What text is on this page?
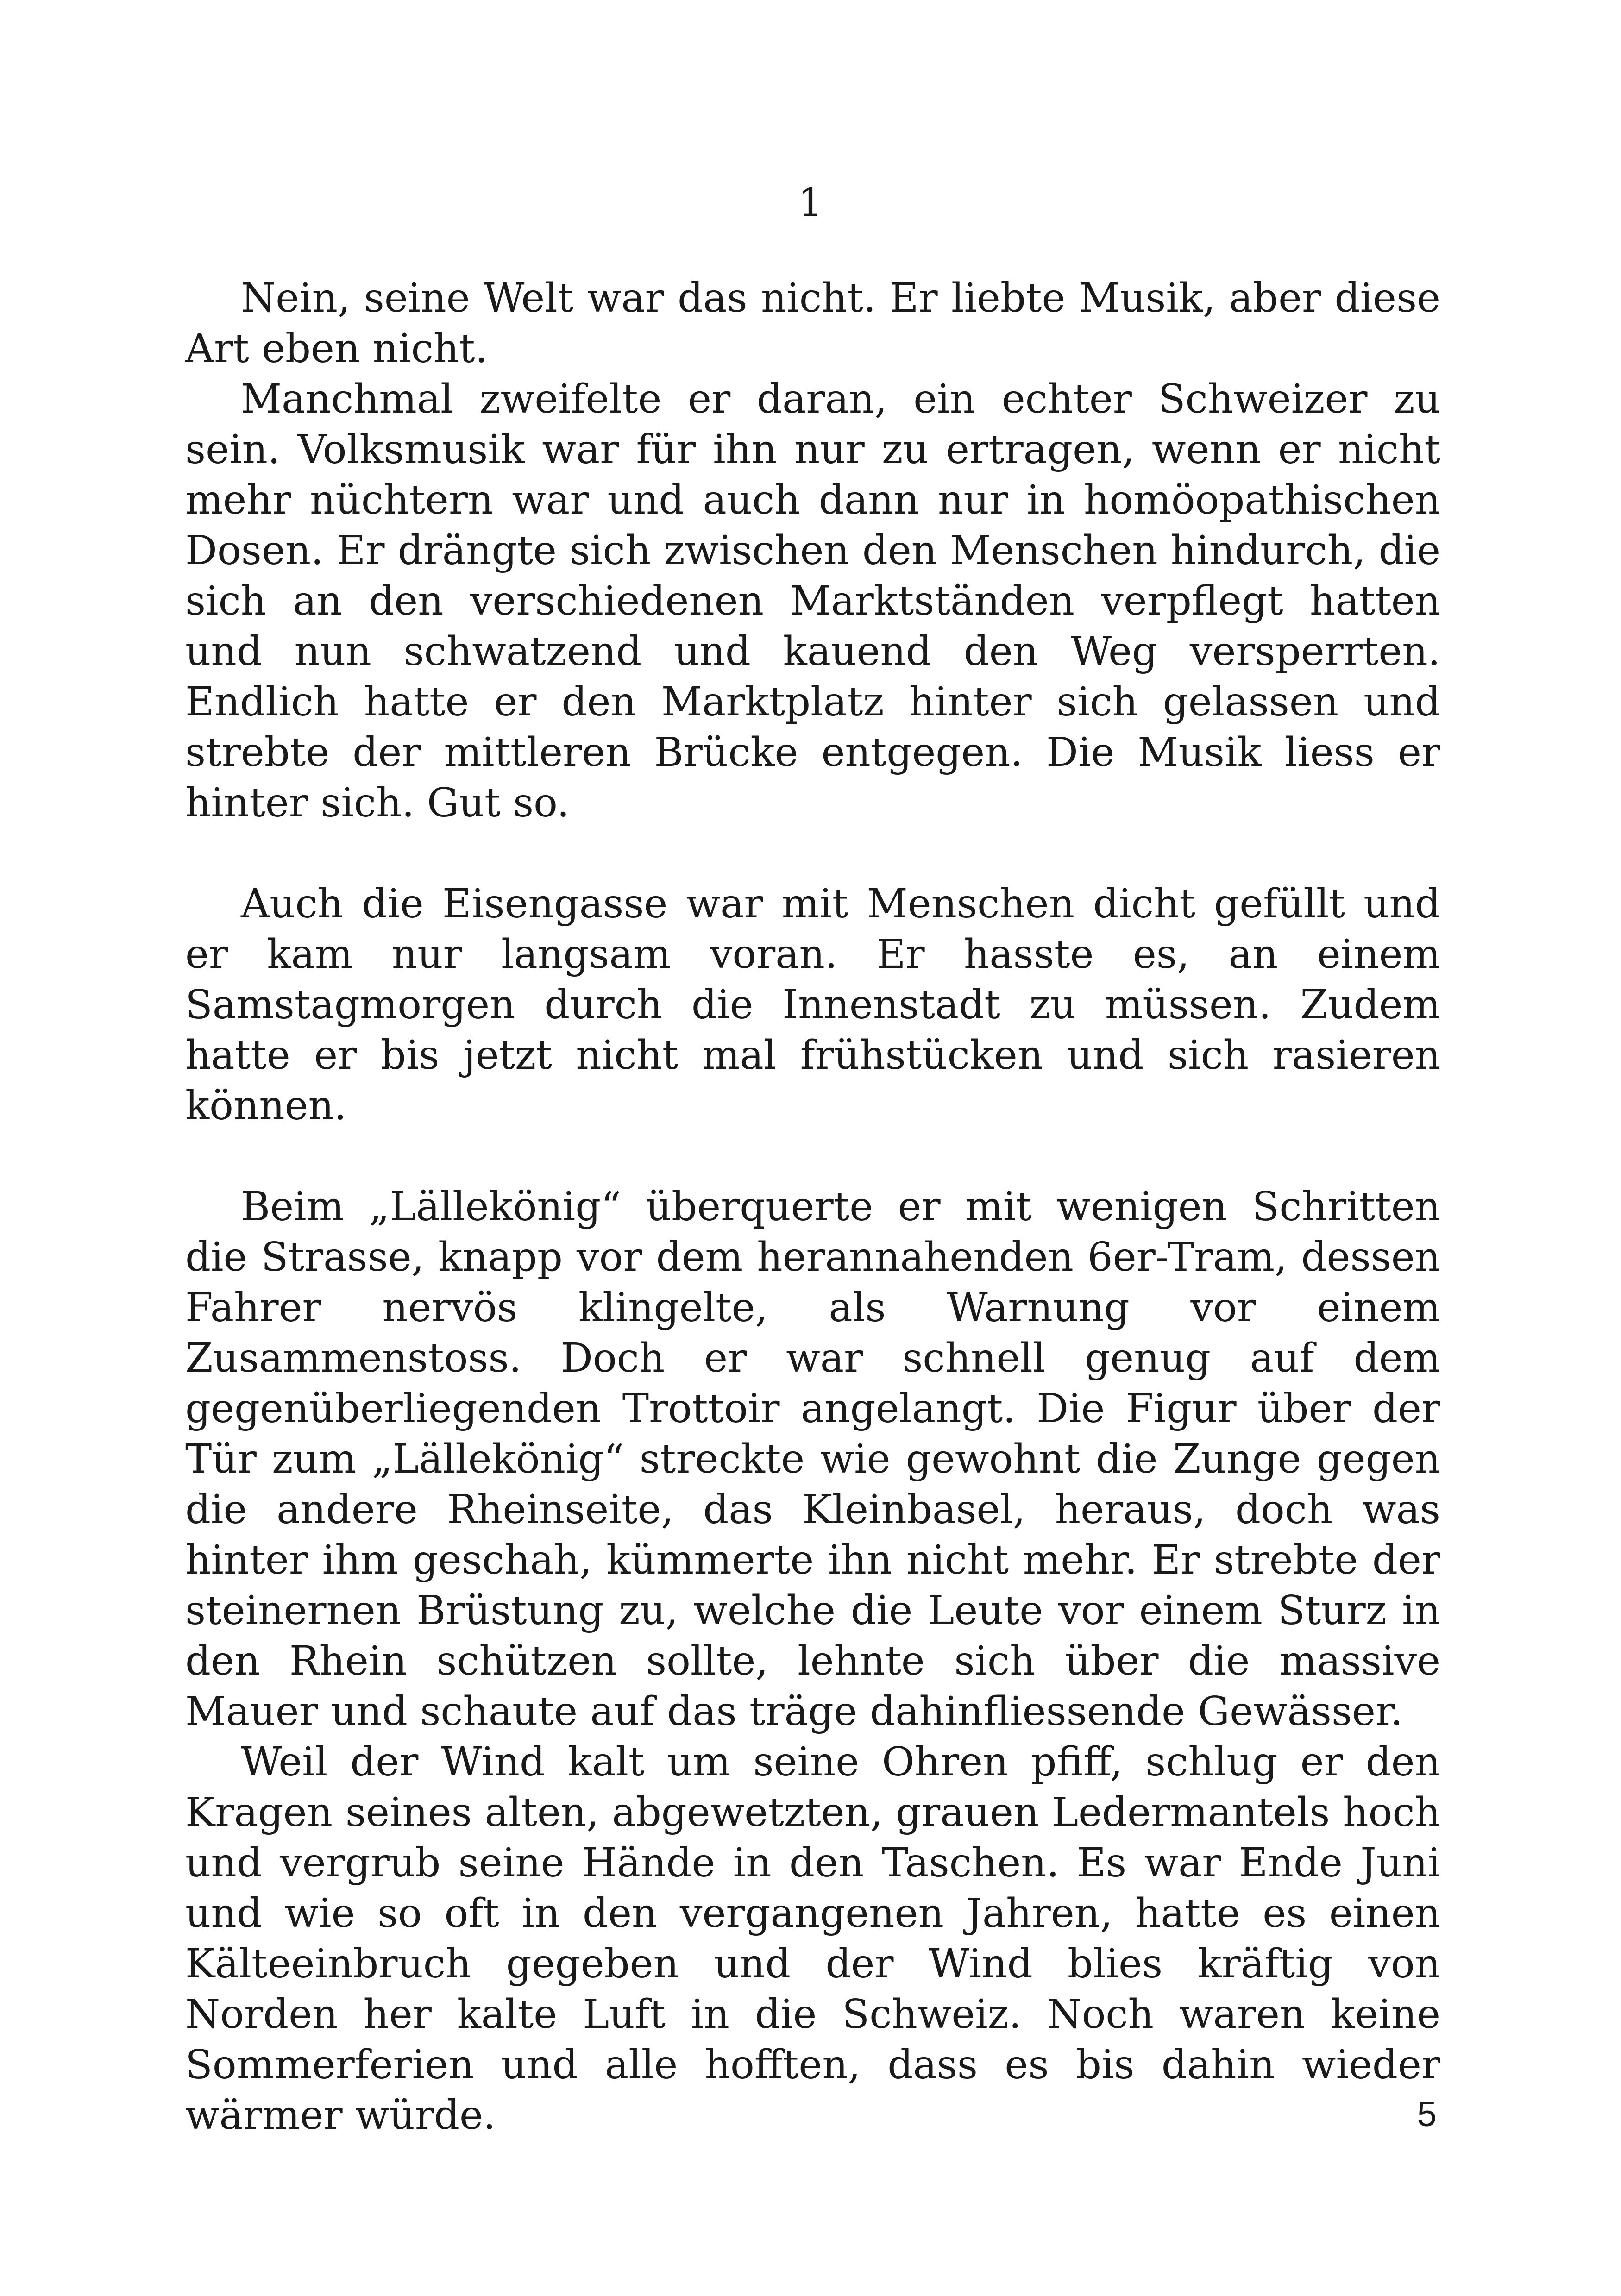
1

Nein, seine Welt war das nicht. Er liebte Musik, aber diese Art eben nicht.

Manchmal zweifelte er daran, ein echter Schweizer zu sein. Volksmusik war für ihn nur zu ertragen, wenn er nicht mehr nüchtern war und auch dann nur in homöopathischen Dosen. Er drängte sich zwischen den Menschen hindurch, die sich an den verschiedenen Marktständen verpflegt hatten und nun schwatzend und kauend den Weg versperrten. Endlich hatte er den Marktplatz hinter sich gelassen und strebte der mittleren Brücke entgegen. Die Musik liess er hinter sich. Gut so.

Auch die Eisengasse war mit Menschen dicht gefüllt und er kam nur langsam voran. Er hasste es, an einem Samstagmorgen durch die Innenstadt zu müssen. Zudem hatte er bis jetzt nicht mal frühstücken und sich rasieren können.

Beim „Lällekönig“ überquerte er mit wenigen Schritten die Strasse, knapp vor dem herannahenden 6er-Tram, dessen Fahrer nervös klingelte, als Warnung vor einem Zusammenstoss. Doch er war schnell genug auf dem gegenüberliegenden Trottoir angelangt. Die Figur über der Tür zum „Lällekönig“ streckte wie gewohnt die Zunge gegen die andere Rheinseite, das Kleinbasel, heraus, doch was hinter ihm geschah, kümmerte ihn nicht mehr. Er strebte der steinernen Brüstung zu, welche die Leute vor einem Sturz in den Rhein schützen sollte, lehnte sich über die massive Mauer und schaute auf das träge dahinfliessende Gewässer.

Weil der Wind kalt um seine Ohren pfiff, schlug er den Kragen seines alten, abgewetzten, grauen Ledermantels hoch und vergrub seine Hände in den Taschen. Es war Ende Juni und wie so oft in den vergangenen Jahren, hatte es einen Kälteeinbruch gegeben und der Wind blies kräftig von Norden her kalte Luft in die Schweiz. Noch waren keine Sommerferien und alle hofften, dass es bis dahin wieder wärmer würde.	5
